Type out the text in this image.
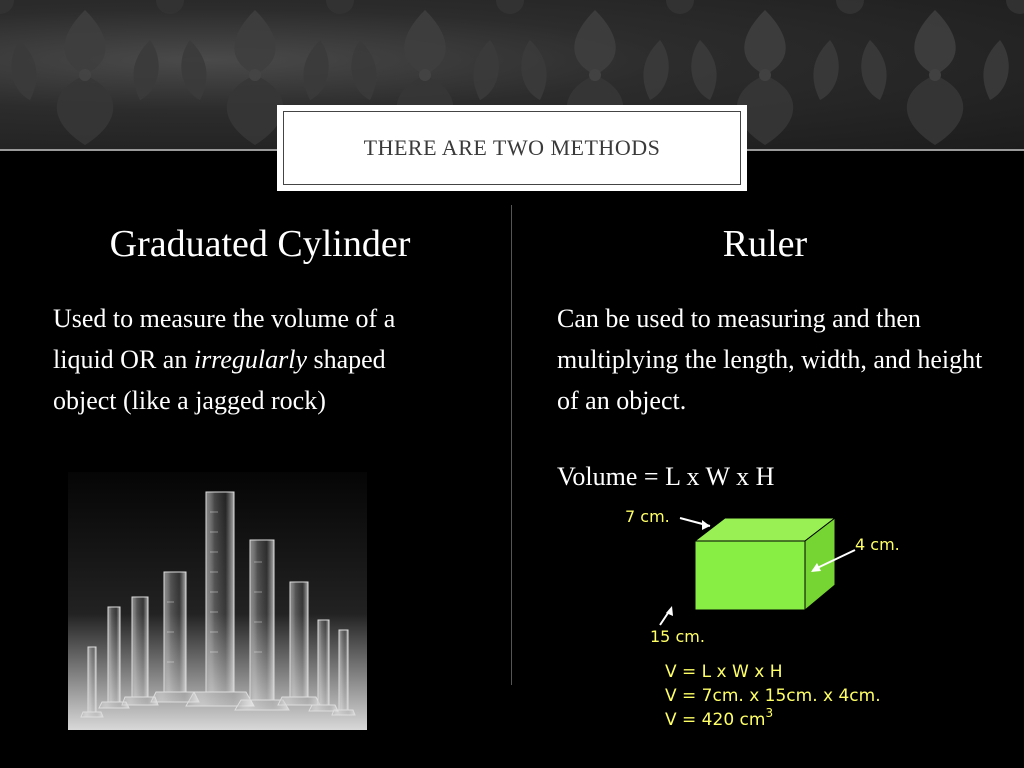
THERE ARE TWO METHODS
Graduated Cylinder	Ruler
Used to measure the volume of a liquid OR an irregularly shaped object (like a jagged rock)
Can be used to measuring and then multiplying the length, width, and height of an object.
Volume = L x W x H
7 cm.
4 cm.
15 cm.
V = L x W x H
V = 7cm. x 15cm. x 4cm.
V = 420 $cm^3$
